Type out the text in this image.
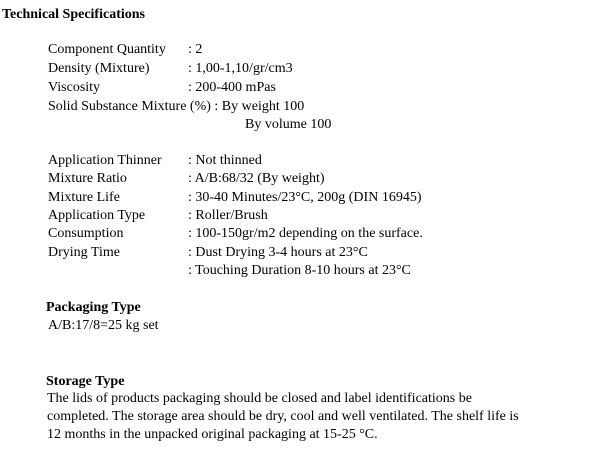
Technical Specifications
Component Quantity : 2
Density (Mixture)	: 1,00-1,10/gr/cm3
Viscosity	: 200-400 mPas
Solid Substance Mixture (%) : By weight 100
By volume 100
Application Thinner : Not thinned
Mixture Ratio	: A/B:68/32 (By weight)
Mixture Life	: 30-40 Minutes/23°C, 200g (DIN 16945)
Application Type	: Roller/Brush
Consumption	: 100-150gr/m2 depending on the surface.
Drying Time	: Dust Drying 3-4 hours at 23°C
: Touching Duration 8-10 hours at 23°C
Packaging Type
A/B:17/8=25 kg set
Storage Type
The lids of products packaging should be closed and label identifications be
completed. The storage area should be dry, cool and well ventilated. The shelf life is
12 months in the unpacked original packaging at 15-25 °C.
